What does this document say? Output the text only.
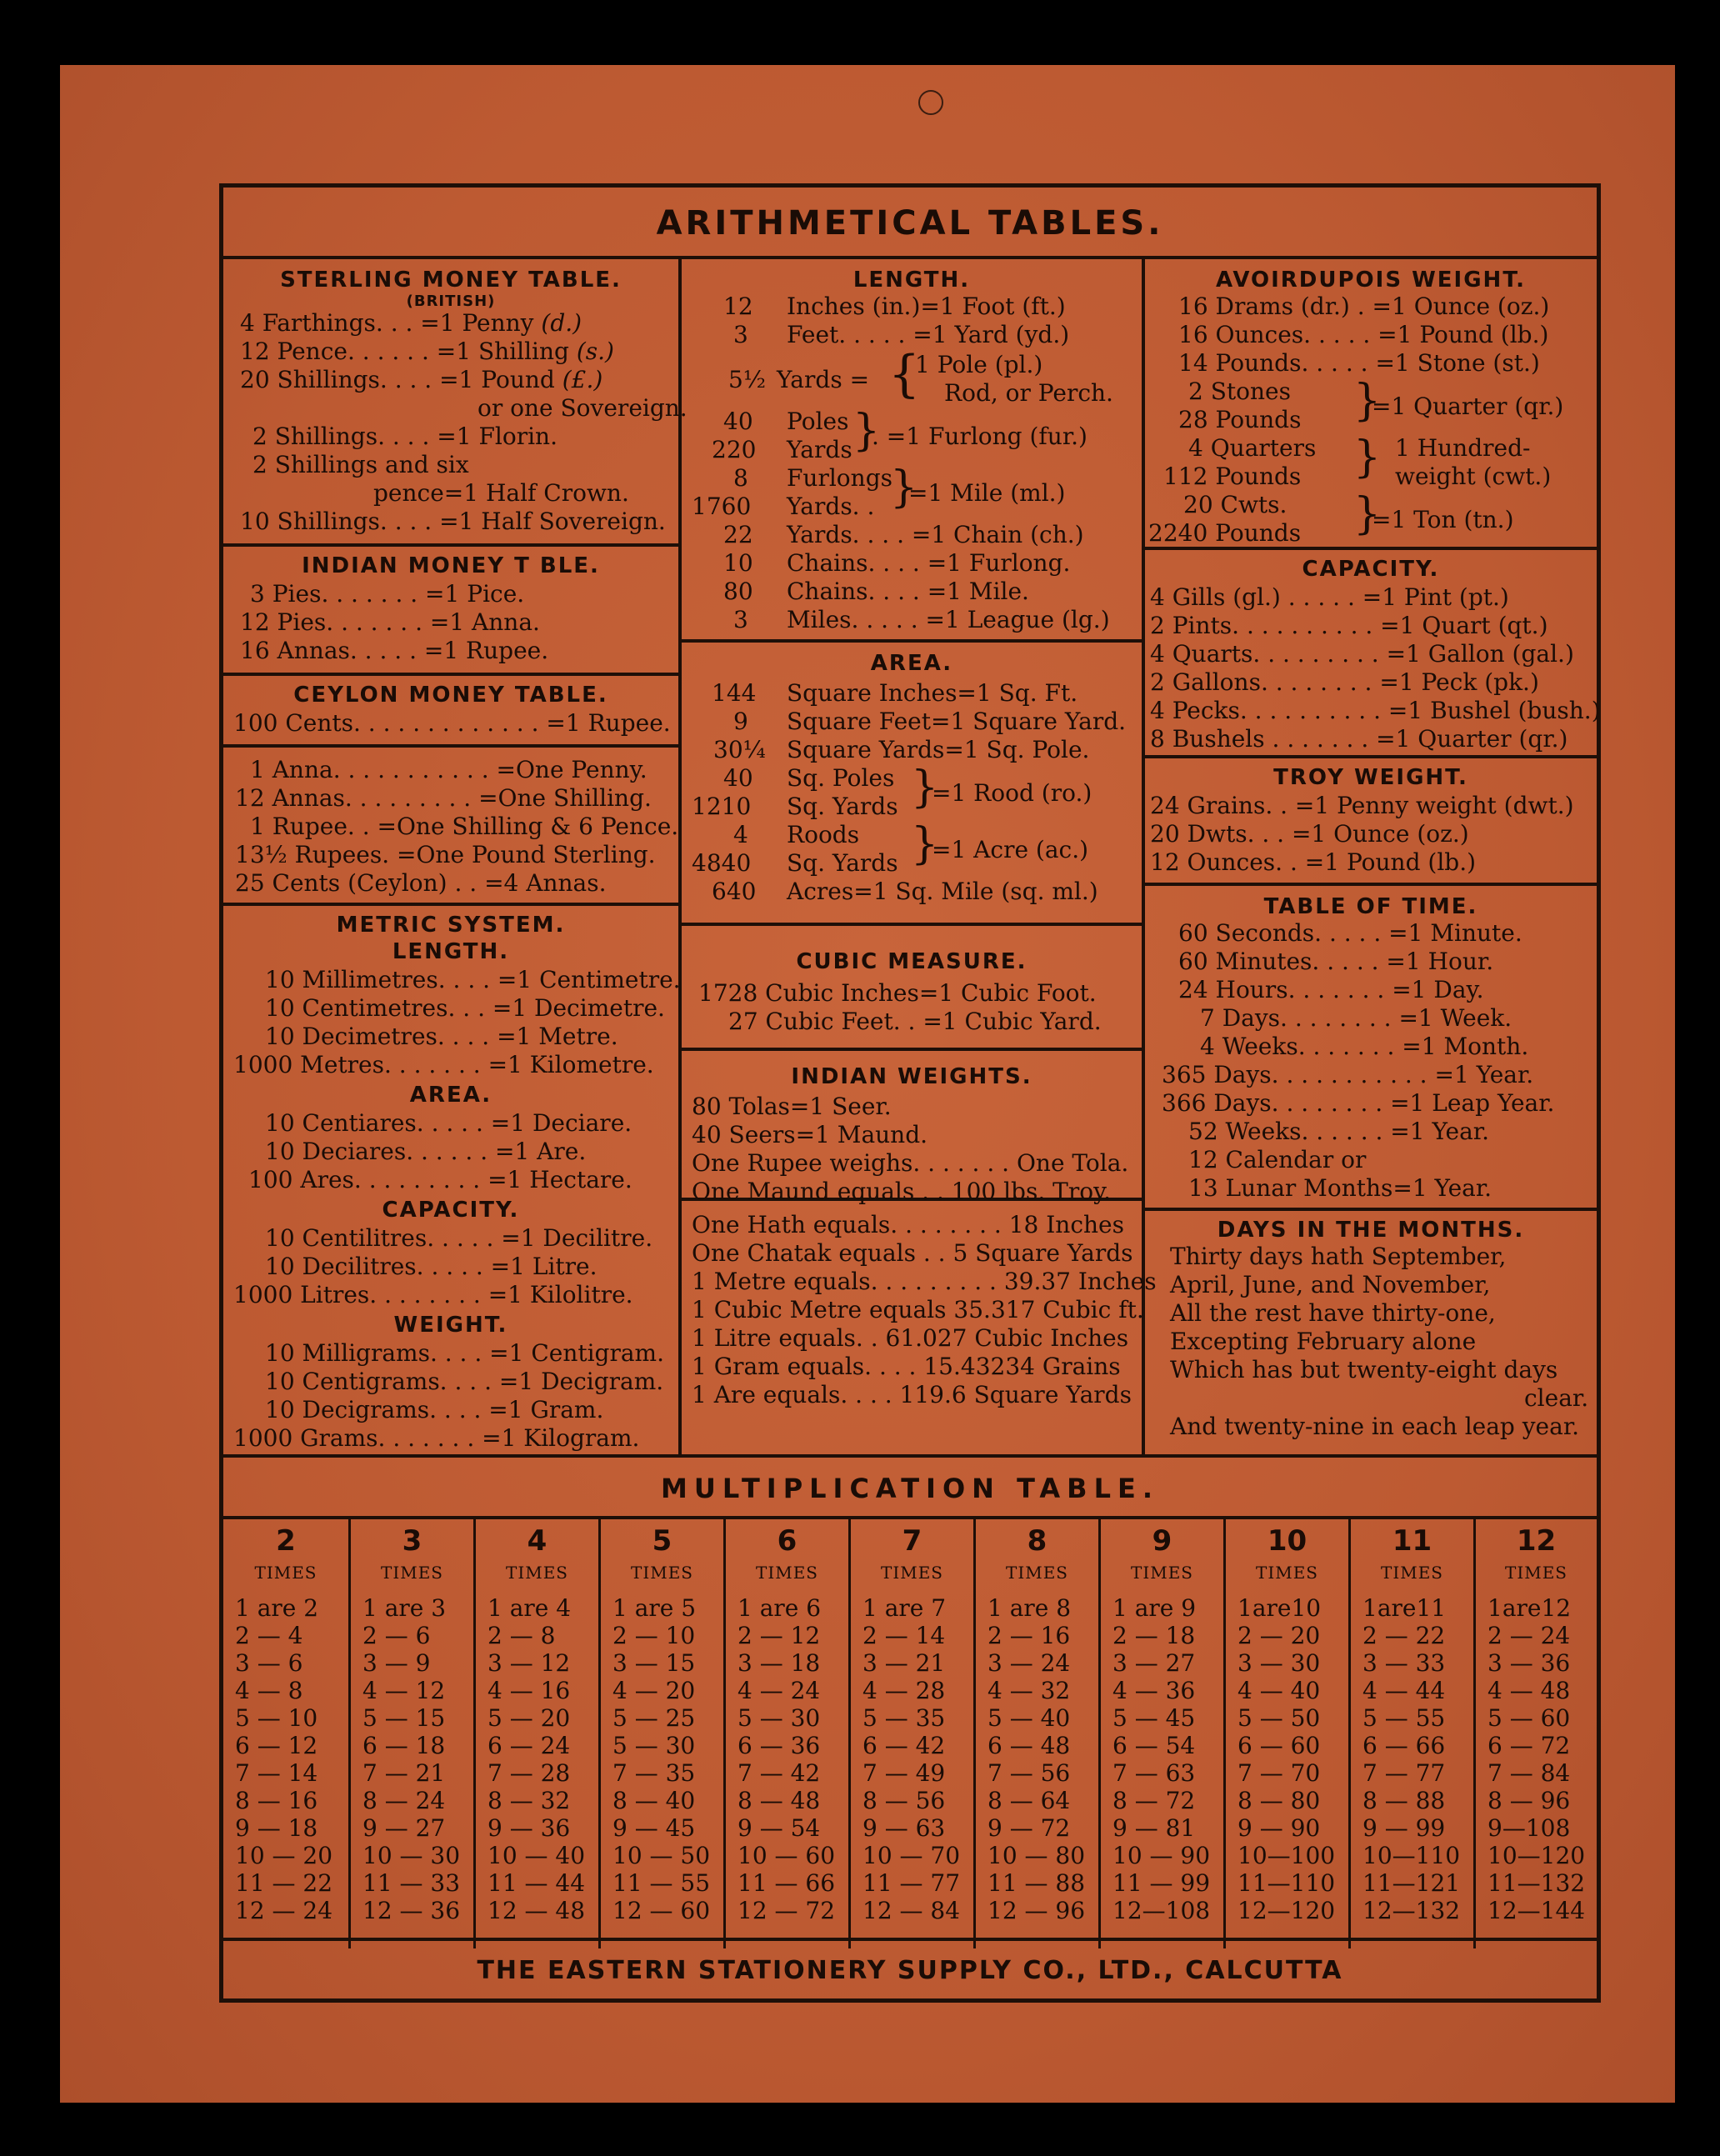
ARITHMETICAL TABLES.
STERLING MONEY TABLE.
(BRITISH)
4 Farthings. . . =1 Penny (d.)
12 Pence. . . . . . =1 Shilling (s.)
20 Shillings. . . . =1 Pound (£.)
or one Sovereign.
2 Shillings. . . . =1 Florin.
2 Shillings and six
pence=1 Half Crown.
10 Shillings. . . . =1 Half Sovereign.
INDIAN MONEY T BLE.
3 Pies. . . . . . . =1 Pice.
12 Pies. . . . . . . =1 Anna.
16 Annas. . . . . =1 Rupee.
CEYLON MONEY TABLE.
100 Cents. . . . . . . . . . . . . =1 Rupee.
1 Anna. . . . . . . . . . . =One Penny.
12 Annas. . . . . . . . . =One Shilling.
1 Rupee. . =One Shilling & 6 Pence.
13½ Rupees. =One Pound Sterling.
25 Cents (Ceylon) . . =4 Annas.
METRIC SYSTEM.
LENGTH.
10 Millimetres. . . . =1 Centimetre.
10 Centimetres. . . =1 Decimetre.
10 Decimetres. . . . =1 Metre.
1000 Metres. . . . . . . =1 Kilometre.
AREA.
10 Centiares. . . . . =1 Deciare.
10 Deciares. . . . . . =1 Are.
100 Ares. . . . . . . . . =1 Hectare.
CAPACITY.
10 Centilitres. . . . . =1 Decilitre.
10 Decilitres. . . . . =1 Litre.
1000 Litres. . . . . . . . =1 Kilolitre.
WEIGHT.
10 Milligrams. . . . =1 Centigram.
10 Centigrams. . . . =1 Decigram.
10 Decigrams. . . . =1 Gram.
1000 Grams. . . . . . . =1 Kilogram.
LENGTH.
12 Inches (in.)=1 Foot (ft.)
3 Feet. . . . . =1 Yard (yd.)
5½ Yards = {
1 Pole (pl.)
Rod, or Perch.
40 Poles
220 Yards }
. =1 Furlong (fur.)
8 Furlongs
1760 Yards. . }
=1 Mile (ml.)
22 Yards. . . . =1 Chain (ch.)
10 Chains. . . . =1 Furlong.
80 Chains. . . . =1 Mile.
3 Miles. . . . . =1 League (lg.)
AREA.
144 Square Inches=1 Sq. Ft.
9 Square Feet=1 Square Yard.
30¼ Square Yards=1 Sq. Pole.
40 Sq. Poles
1210 Sq. Yards }
=1 Rood (ro.)
4 Roods
4840 Sq. Yards }
=1 Acre (ac.)
640 Acres=1 Sq. Mile (sq. ml.)
CUBIC MEASURE.
1728 Cubic Inches=1 Cubic Foot.
27 Cubic Feet. . =1 Cubic Yard.
INDIAN WEIGHTS.
80 Tolas=1 Seer.
40 Seers=1 Maund.
One Rupee weighs. . . . . . . One Tola.
One Maund equals . . 100 lbs. Troy.
One Hath equals. . . . . . . . 18 Inches
One Chatak equals . . 5 Square Yards
1 Metre equals. . . . . . . . . 39.37 Inches
1 Cubic Metre equals 35.317 Cubic ft.
1 Litre equals. . 61.027 Cubic Inches
1 Gram equals. . . . 15.43234 Grains
1 Are equals. . . . 119.6 Square Yards
AVOIRDUPOIS WEIGHT.
16 Drams (dr.) . =1 Ounce (oz.)
16 Ounces. . . . . =1 Pound (lb.)
14 Pounds. . . . . =1 Stone (st.)
2 Stones
28 Pounds }
=1 Quarter (qr.)
4 Quarters
112 Pounds } 1 Hundred-
weight (cwt.)
20 Cwts.
2240 Pounds }
=1 Ton (tn.)
CAPACITY.
4 Gills (gl.) . . . . . =1 Pint (pt.)
2 Pints. . . . . . . . . . =1 Quart (qt.)
4 Quarts. . . . . . . . . =1 Gallon (gal.)
2 Gallons. . . . . . . . =1 Peck (pk.)
4 Pecks. . . . . . . . . . =1 Bushel (bush.)
8 Bushels . . . . . . . =1 Quarter (qr.)
TROY WEIGHT.
24 Grains. . =1 Penny weight (dwt.)
20 Dwts. . . =1 Ounce (oz.)
12 Ounces. . =1 Pound (lb.)
TABLE OF TIME.
60 Seconds. . . . . =1 Minute.
60 Minutes. . . . . =1 Hour.
24 Hours. . . . . . . =1 Day.
7 Days. . . . . . . . =1 Week.
4 Weeks. . . . . . . =1 Month.
365 Days. . . . . . . . . . . =1 Year.
366 Days. . . . . . . . =1 Leap Year.
52 Weeks. . . . . . =1 Year.
12 Calendar or
13 Lunar Months=1 Year.
DAYS IN THE MONTHS.
Thirty days hath September,
April, June, and November,
All the rest have thirty-one,
Excepting February alone
Which has but twenty-eight days
clear.
And twenty-nine in each leap year.
MULTIPLICATION TABLE.
2
TIMES
1 are 2
2 — 4
3 — 6
4 — 8
5 — 10
6 — 12
7 — 14
8 — 16
9 — 18
10 — 20
11 — 22
12 — 24
3
TIMES
1 are 3
2 — 6
3 — 9
4 — 12
5 — 15
6 — 18
7 — 21
8 — 24
9 — 27
10 — 30
11 — 33
12 — 36
4
TIMES
1 are 4
2 — 8
3 — 12
4 — 16
5 — 20
6 — 24
7 — 28
8 — 32
9 — 36
10 — 40
11 — 44
12 — 48
5
TIMES
1 are 5
2 — 10
3 — 15
4 — 20
5 — 25
5 — 30
7 — 35
8 — 40
9 — 45
10 — 50
11 — 55
12 — 60
6
TIMES
1 are 6
2 — 12
3 — 18
4 — 24
5 — 30
6 — 36
7 — 42
8 — 48
9 — 54
10 — 60
11 — 66
12 — 72
7
TIMES
1 are 7
2 — 14
3 — 21
4 — 28
5 — 35
6 — 42
7 — 49
8 — 56
9 — 63
10 — 70
11 — 77
12 — 84
8
TIMES
1 are 8
2 — 16
3 — 24
4 — 32
5 — 40
6 — 48
7 — 56
8 — 64
9 — 72
10 — 80
11 — 88
12 — 96
9
TIMES
1 are 9
2 — 18
3 — 27
4 — 36
5 — 45
6 — 54
7 — 63
8 — 72
9 — 81
10 — 90
11 — 99
12—108
10
TIMES
1are10
2 — 20
3 — 30
4 — 40
5 — 50
6 — 60
7 — 70
8 — 80
9 — 90
10—100
11—110
12—120
11
TIMES
1are11
2 — 22
3 — 33
4 — 44
5 — 55
6 — 66
7 — 77
8 — 88
9 — 99
10—110
11—121
12—132
12
TIMES
1are12
2 — 24
3 — 36
4 — 48
5 — 60
6 — 72
7 — 84
8 — 96
9—108
10—120
11—132
12—144
THE EASTERN STATIONERY SUPPLY CO., LTD., CALCUTTA
